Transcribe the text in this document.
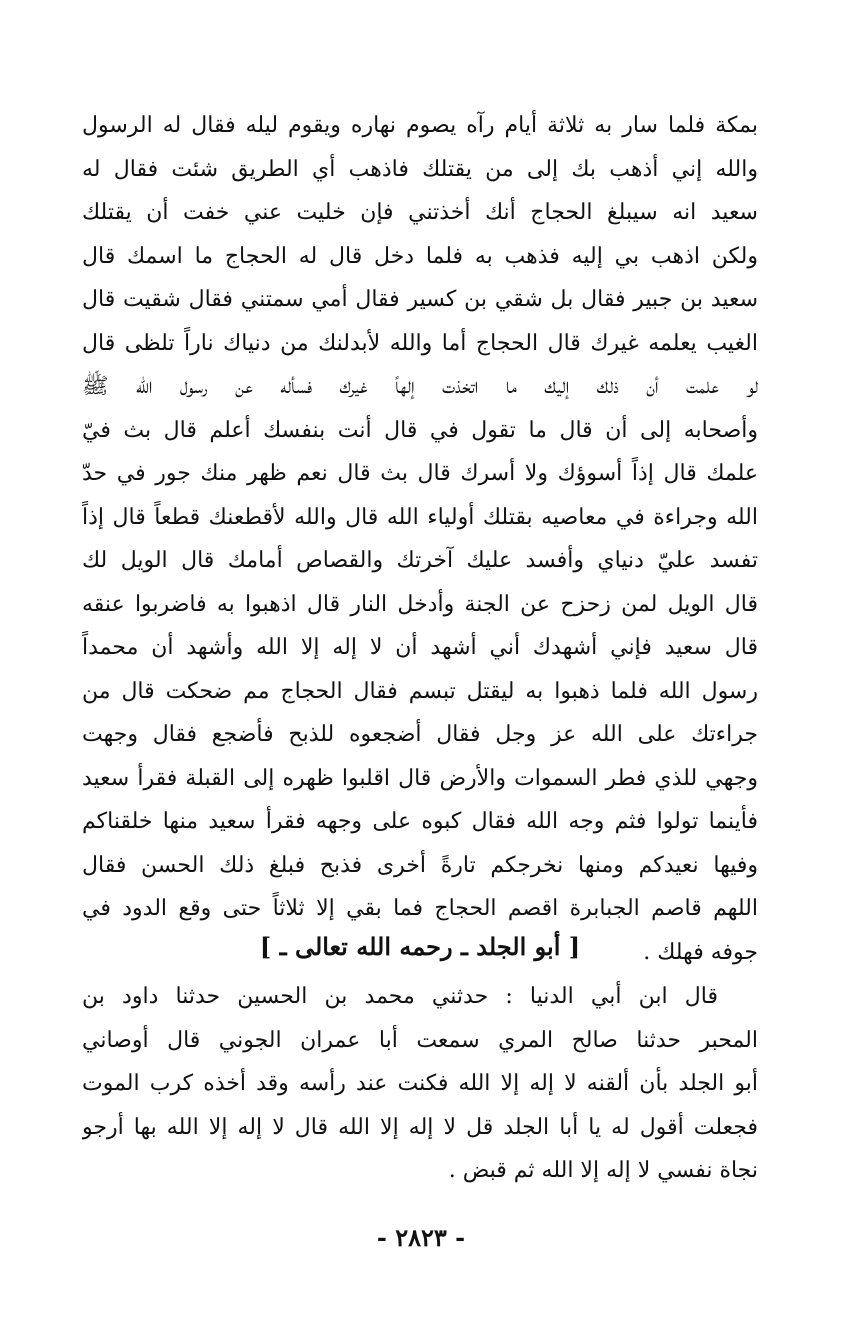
بمكة فلما سار به ثلاثة أيام رآه يصوم نهاره ويقوم ليله فقال له الرسول
والله إني أذهب بك إلى من يقتلك فاذهب أي الطريق شئت فقال له
سعيد انه سيبلغ الحجاج أنك أخذتني فإن خليت عني خفت أن يقتلك
ولكن اذهب بي إليه فذهب به فلما دخل قال له الحجاج ما اسمك قال
سعيد بن جبير فقال بل شقي بن كسير فقال أمي سمتني فقال شقيت قال
الغيب يعلمه غيرك قال الحجاج أما والله لأبدلنك من دنياك ناراً تلظى قال
لو علمت أن ذلك إليك ما اتخذت إلهاً غيرك فسأله عن رسول الله ﷺ
وأصحابه إلى أن قال ما تقول في قال أنت بنفسك أعلم قال بث فيّ
علمك قال إذاً أسوؤك ولا أسرك قال بث قال نعم ظهر منك جور في حدّ
الله وجراءة في معاصيه بقتلك أولياء الله قال والله لأقطعنك قطعاً قال إذاً
تفسد عليّ دنياي وأفسد عليك آخرتك والقصاص أمامك قال الويل لك
قال الويل لمن زحزح عن الجنة وأدخل النار قال اذهبوا به فاضربوا عنقه
قال سعيد فإني أشهدك أني أشهد أن لا إله إلا الله وأشهد أن محمداً
رسول الله فلما ذهبوا به ليقتل تبسم فقال الحجاج مم ضحكت قال من
جراءتك على الله عز وجل فقال أضجعوه للذبح فأضجع فقال وجهت
وجهي للذي فطر السموات والأرض قال اقلبوا ظهره إلى القبلة فقرأ سعيد
فأينما تولوا فثم وجه الله فقال كبوه على وجهه فقرأ سعيد منها خلقناكم
وفيها نعيدكم ومنها نخرجكم تارةً أخرى فذبح فبلغ ذلك الحسن فقال
اللهم قاصم الجبابرة اقصم الحجاج فما بقي إلا ثلاثاً حتى وقع الدود في
جوفه فهلك .
[ أبو الجلد ـ رحمه الله تعالى ـ ]
قال ابن أبي الدنيا : حدثني محمد بن الحسين حدثنا داود بن
المحبر حدثنا صالح المري سمعت أبا عمران الجوني قال أوصاني
أبو الجلد بأن ألقنه لا إله إلا الله فكنت عند رأسه وقد أخذه كرب الموت
فجعلت أقول له يا أبا الجلد قل لا إله إلا الله قال لا إله إلا الله بها أرجو
نجاة نفسي لا إله إلا الله ثم قبض .
- ٢٨٢٣ -
